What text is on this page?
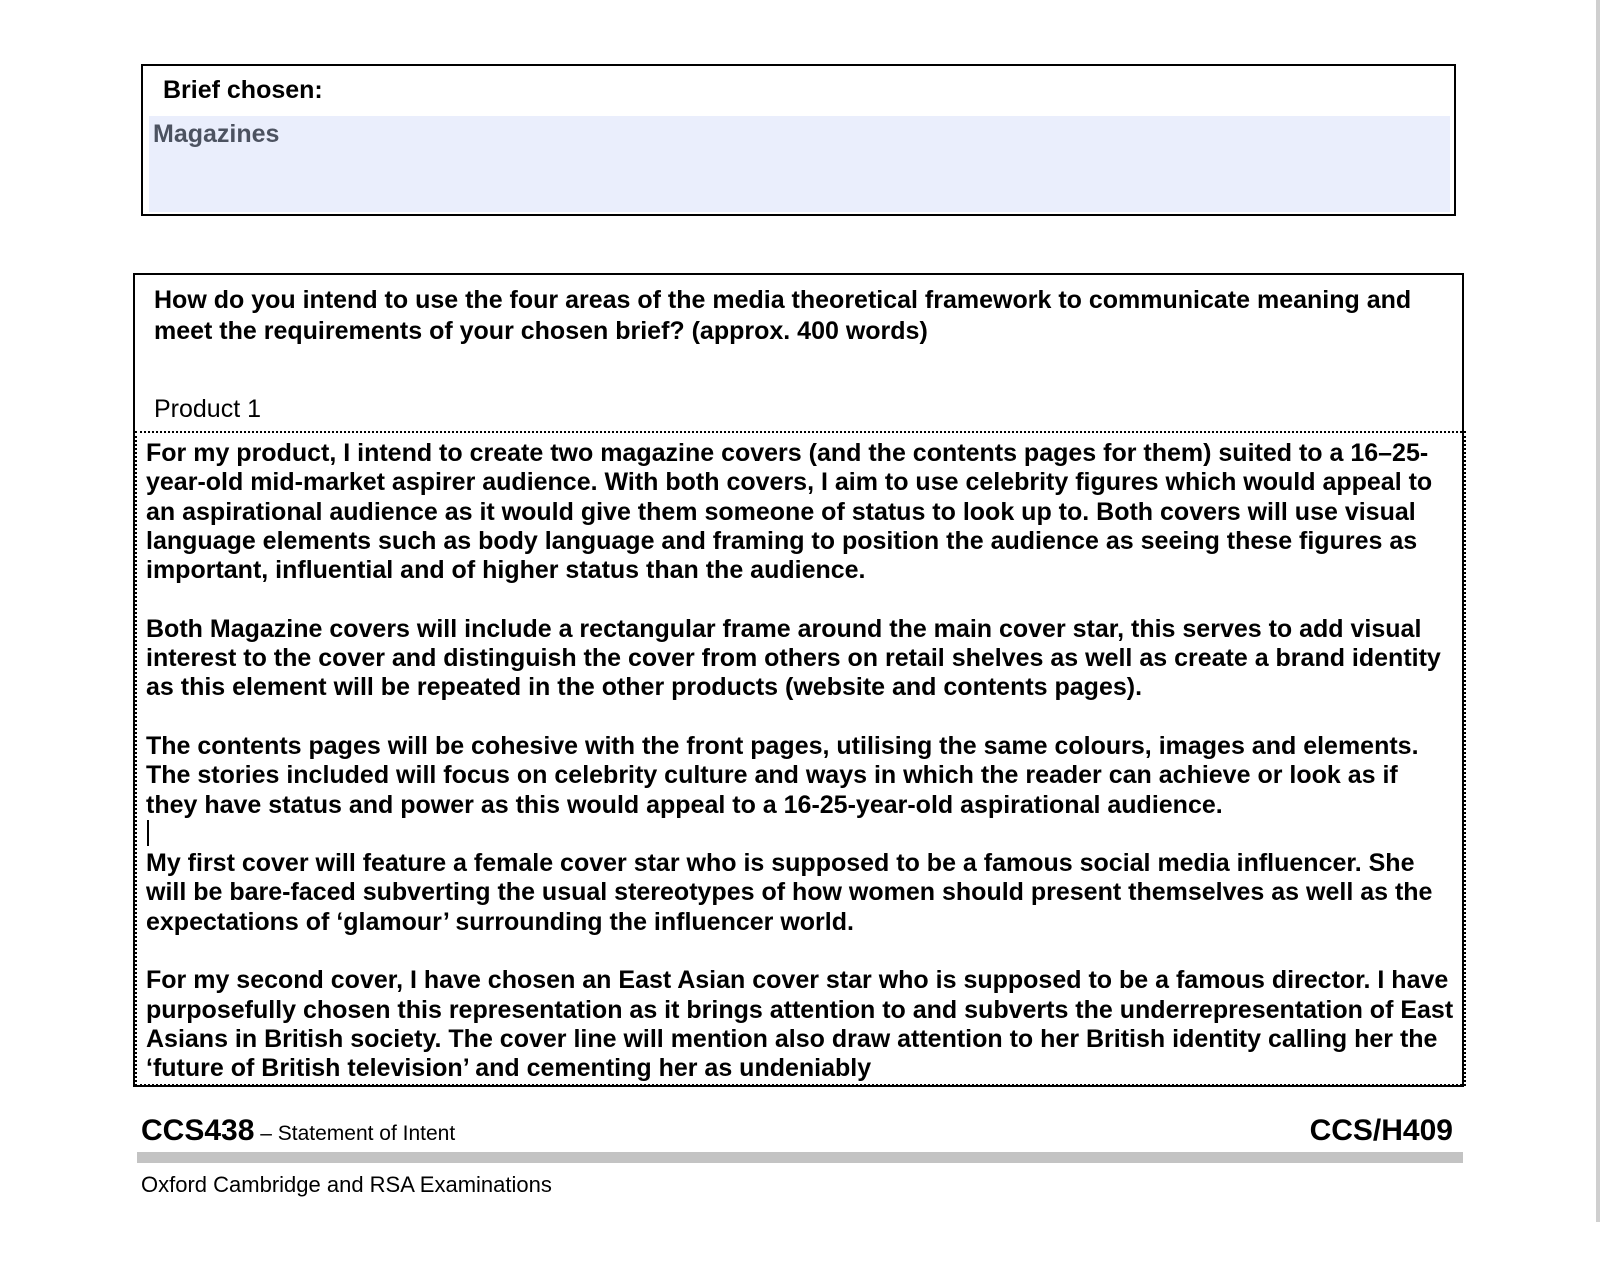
Brief chosen:
Magazines
How do you intend to use the four areas of the media theoretical framework to communicate meaning and meet the requirements of your chosen brief? (approx. 400 words)
Product 1

For my product, I intend to create two magazine covers (and the contents pages for them) suited to a 16–25-year-old mid-market aspirer audience. With both covers, I aim to use celebrity figures which would appeal to an aspirational audience as it would give them someone of status to look up to. Both covers will use visual language elements such as body language and framing to position the audience as seeing these figures as important, influential and of higher status than the audience.

Both Magazine covers will include a rectangular frame around the main cover star, this serves to add visual interest to the cover and distinguish the cover from others on retail shelves as well as create a brand identity as this element will be repeated in the other products (website and contents pages).

The contents pages will be cohesive with the front pages, utilising the same colours, images and elements. The stories included will focus on celebrity culture and ways in which the reader can achieve or look as if they have status and power as this would appeal to a 16-25-year-old aspirational audience.

My first cover will feature a female cover star who is supposed to be a famous social media influencer. She will be bare-faced subverting the usual stereotypes of how women should present themselves as well as the expectations of ‘glamour’ surrounding the influencer world.

For my second cover, I have chosen an East Asian cover star who is supposed to be a famous director. I have purposefully chosen this representation as it brings attention to and subverts the underrepresentation of East Asians in British society. The cover line will mention also draw attention to her British identity calling her the ‘future of British television’ and cementing her as undeniably

CCS438 – Statement of Intent	CCS/H409
Oxford Cambridge and RSA Examinations
